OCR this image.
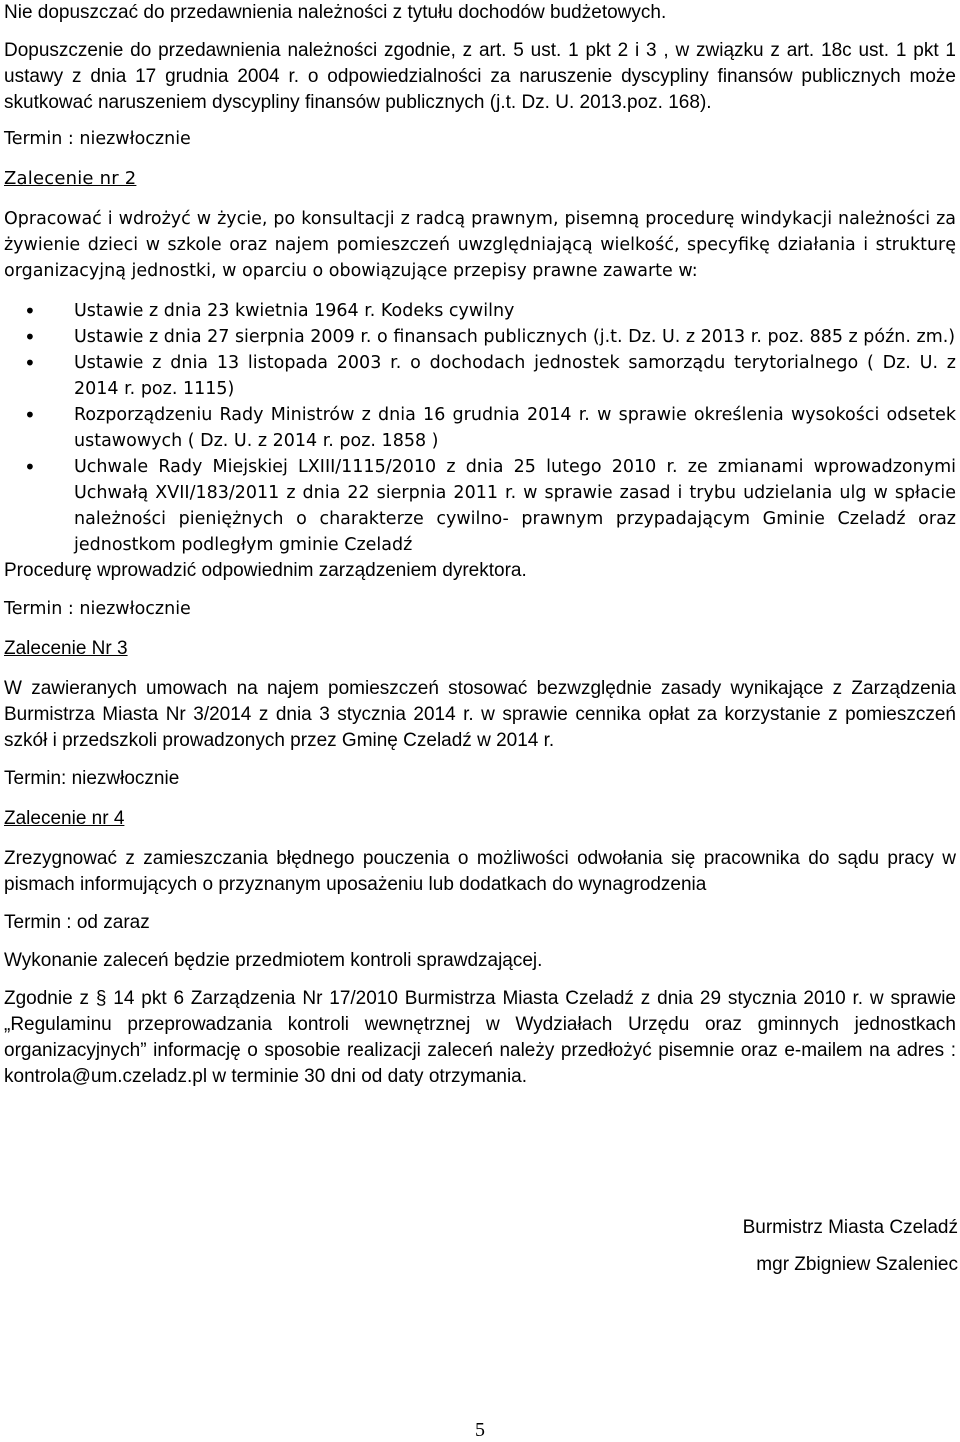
Nie dopuszczać do przedawnienia należności z tytułu dochodów budżetowych.

Dopuszczenie do przedawnienia należności zgodnie, z art. 5 ust. 1 pkt 2 i 3 , w związku z art. 18c ust. 1 pkt 1 ustawy z dnia 17 grudnia 2004 r. o odpowiedzialności za naruszenie dyscypliny finansów publicznych może skutkować naruszeniem dyscypliny finansów publicznych (j.t. Dz. U. 2013.poz. 168).

Termin : niezwłocznie

Zalecenie nr 2

Opracować i wdrożyć w życie, po konsultacji z radcą prawnym, pisemną procedurę windykacji należności za żywienie dzieci w szkole oraz najem pomieszczeń uwzględniającą wielkość, specyfikę działania i strukturę organizacyjną jednostki, w oparciu o obowiązujące przepisy prawne zawarte w:

• Ustawie z dnia 23 kwietnia 1964 r. Kodeks cywilny
• Ustawie z dnia 27 sierpnia 2009 r. o finansach publicznych (j.t. Dz. U. z 2013 r. poz. 885 z późn. zm.)
• Ustawie z dnia 13 listopada 2003 r. o dochodach jednostek samorządu terytorialnego ( Dz. U. z 2014 r. poz. 1115)
• Rozporządzeniu Rady Ministrów z dnia 16 grudnia 2014 r. w sprawie określenia wysokości odsetek ustawowych ( Dz. U. z 2014 r. poz. 1858 )
• Uchwale Rady Miejskiej LXIII/1115/2010 z dnia 25 lutego 2010 r. ze zmianami wprowadzonymi Uchwałą XVII/183/2011 z dnia 22 sierpnia 2011 r. w sprawie zasad i trybu udzielania ulg w spłacie należności pieniężnych o charakterze cywilno- prawnym przypadającym Gminie Czeladź oraz jednostkom podległym gminie Czeladź

Procedurę wprowadzić odpowiednim zarządzeniem dyrektora.

Termin : niezwłocznie

Zalecenie Nr 3

W zawieranych umowach na najem pomieszczeń stosować bezwzględnie zasady wynikające z Zarządzenia Burmistrza Miasta Nr 3/2014 z dnia 3 stycznia 2014 r. w sprawie cennika opłat za korzystanie z pomieszczeń szkół i przedszkoli prowadzonych przez Gminę Czeladź w 2014 r.

Termin: niezwłocznie

Zalecenie nr 4

Zrezygnować z zamieszczania błędnego pouczenia o możliwości odwołania się pracownika do sądu pracy w pismach informujących o przyznanym uposażeniu lub dodatkach do wynagrodzenia

Termin : od zaraz

Wykonanie zaleceń będzie przedmiotem kontroli sprawdzającej.

Zgodnie z § 14 pkt 6 Zarządzenia Nr 17/2010 Burmistrza Miasta Czeladź z dnia 29 stycznia 2010 r. w sprawie „Regulaminu przeprowadzania kontroli wewnętrznej w Wydziałach Urzędu oraz gminnych jednostkach organizacyjnych” informację o sposobie realizacji zaleceń należy przedłożyć pisemnie oraz e-mailem na adres : kontrola@um.czeladz.pl w terminie 30 dni od daty otrzymania.

Burmistrz Miasta Czeladź
mgr Zbigniew Szaleniec
5
